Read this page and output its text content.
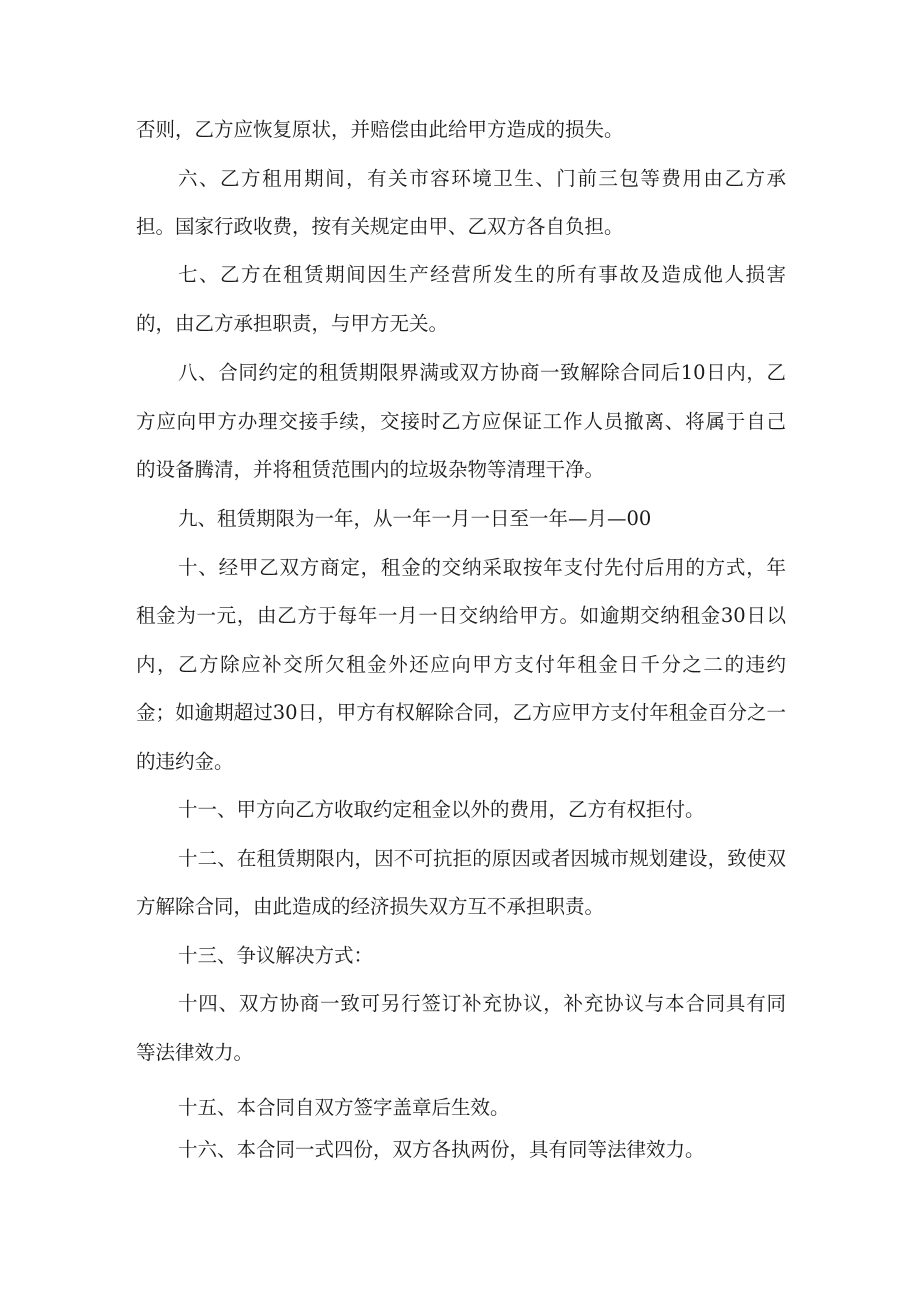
否则，乙方应恢复原状，并赔偿由此给甲方造成的损失。
六、乙方租用期间，有关市容环境卫生、门前三包等费用由乙方承
担。国家行政收费，按有关规定由甲、乙双方各自负担。
七、乙方在租赁期间因生产经营所发生的所有事故及造成他人损害
的，由乙方承担职责，与甲方无关。
八、合同约定的租赁期限界满或双方协商一致解除合同后10日内，乙
方应向甲方办理交接手续，交接时乙方应保证工作人员撤离、将属于自己
的设备腾清，并将租赁范围内的垃圾杂物等清理干净。
九、租赁期限为一年，从一年一月一日至一年—月—00
十、经甲乙双方商定，租金的交纳采取按年支付先付后用的方式，年
租金为一元，由乙方于每年一月一日交纳给甲方。如逾期交纳租金30日以
内，乙方除应补交所欠租金外还应向甲方支付年租金日千分之二的违约
金；如逾期超过30日，甲方有权解除合同，乙方应甲方支付年租金百分之一
的违约金。
十一、甲方向乙方收取约定租金以外的费用，乙方有权拒付。
十二、在租赁期限内，因不可抗拒的原因或者因城市规划建设，致使双
方解除合同，由此造成的经济损失双方互不承担职责。
十三、争议解决方式：
十四、双方协商一致可另行签订补充协议，补充协议与本合同具有同
等法律效力。
十五、本合同自双方签字盖章后生效。
十六、本合同一式四份，双方各执两份，具有同等法律效力。
